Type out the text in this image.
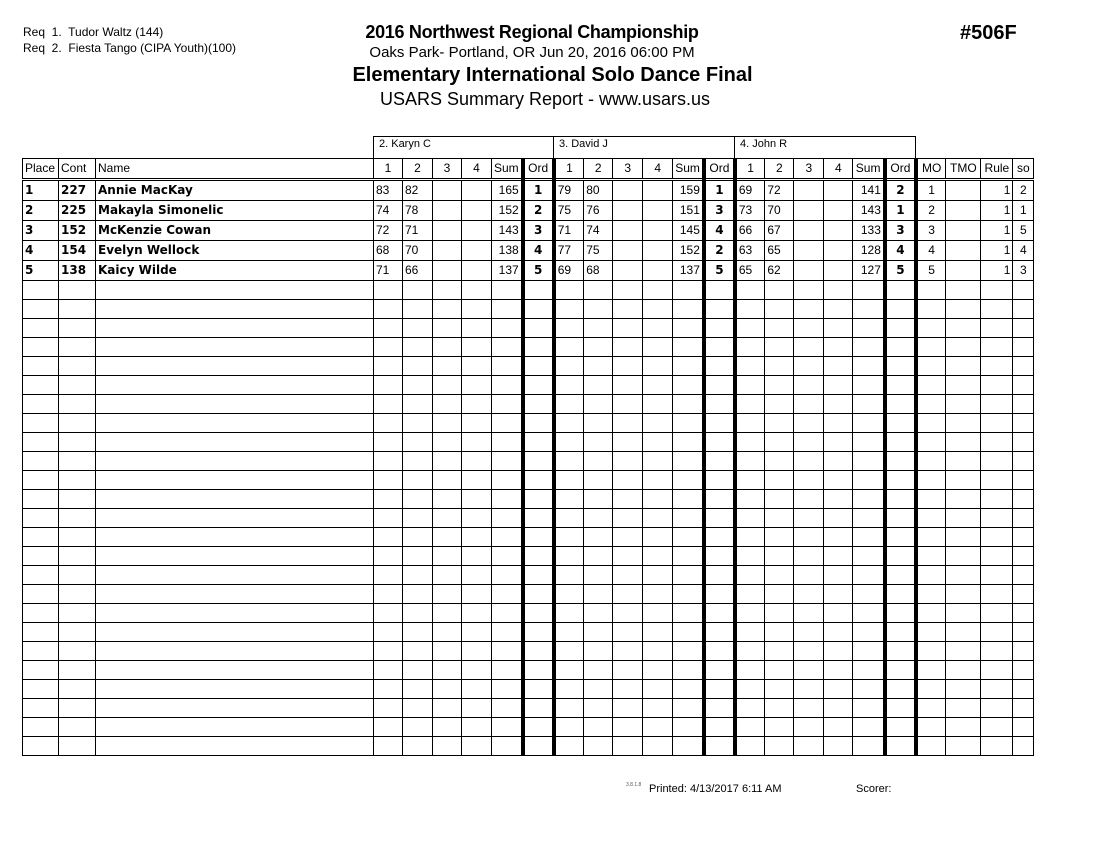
Req  1.  Tudor Waltz (144)
Req  2.  Fiesta Tango (CIPA Youth)(100)
2016 Northwest Regional Championship
Oaks Park- Portland, OR Jun 20, 2016 06:00 PM
Elementary International Solo Dance Final
USARS Summary Report - www.usars.us
#506F
2. Karyn C	3. David J	4. John R
Place	Cont	Name	1	2	3	4	Sum	Ord	1	2	3	4	Sum	Ord	1	2	3	4	Sum	Ord	MO	TMO	Rule	so
1	227	Annie MacKay	83	82			165	1	79	80			159	1	69	72			141	2	1		1	2
2	225	Makayla Simonelic	74	78			152	2	75	76			151	3	73	70			143	1	2		1	1
3	152	McKenzie Cowan	72	71			143	3	71	74			145	4	66	67			133	3	3		1	5
4	154	Evelyn Wellock	68	70			138	4	77	75			152	2	63	65			128	4	4		1	4
5	138	Kaicy Wilde	71	66			137	5	69	68			137	5	65	62			127	5	5		1	3

3.8.1.8 Printed: 4/13/2017 6:11 AM	Scorer:
